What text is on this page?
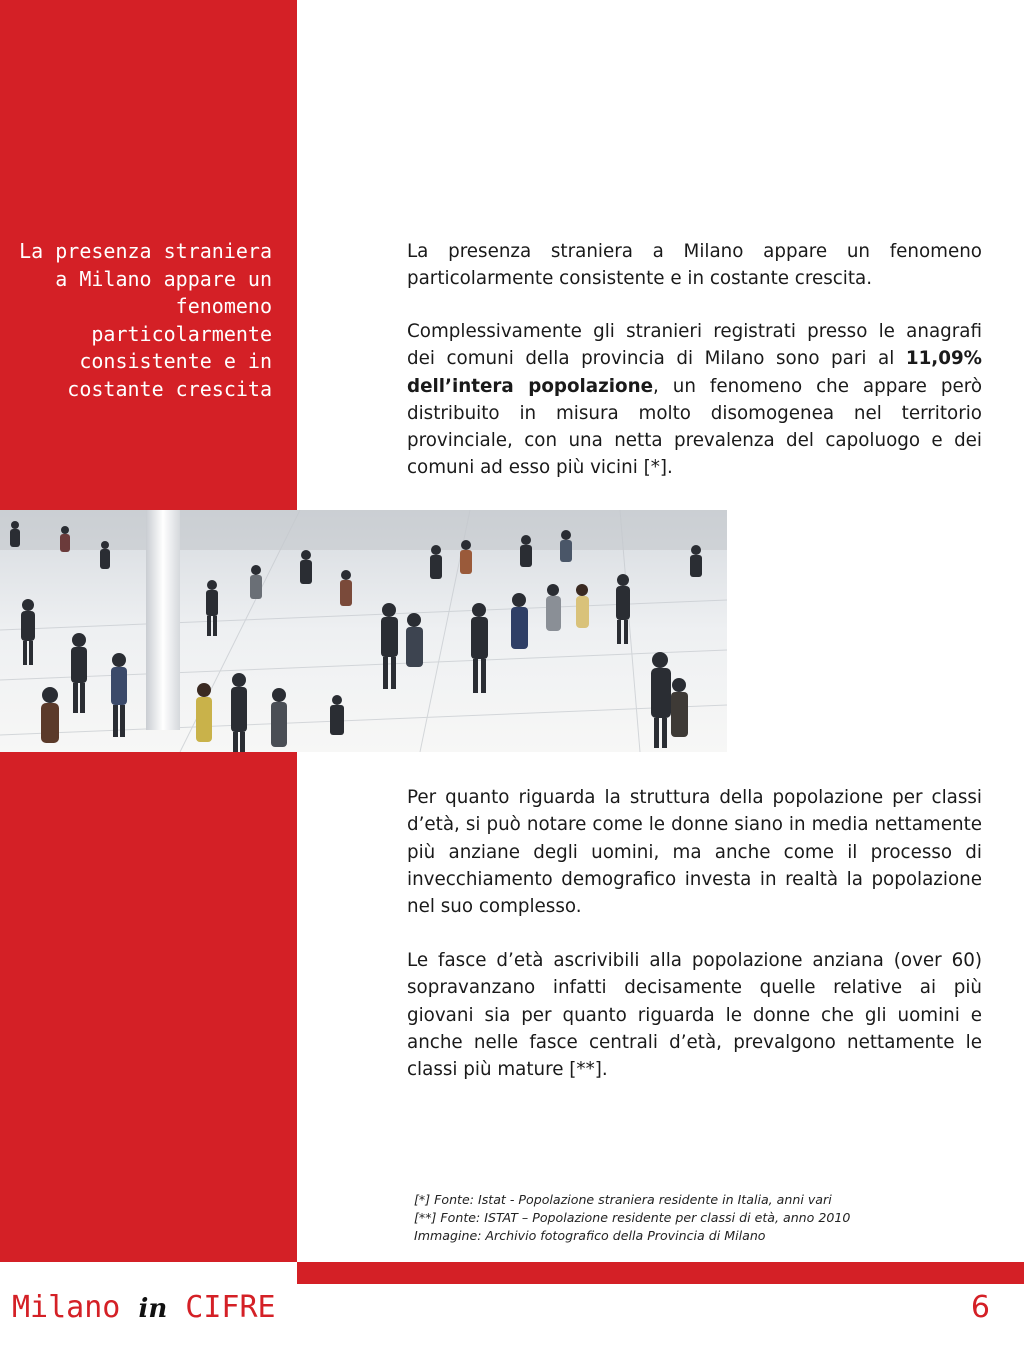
La presenza straniera a Milano appare un fenomeno particolarmente consistente e in costante crescita

La presenza straniera a Milano appare un fenomeno particolarmente consistente e in costante crescita.

Complessivamente gli stranieri registrati presso le anagrafi dei comuni della provincia di Milano sono pari al 11,09% dell’intera popolazione, un fenomeno che appare però distribuito in misura molto disomogenea nel territorio provinciale, con una netta prevalenza del capoluogo e dei comuni ad esso più vicini [*].

Per quanto riguarda la struttura della popolazione per classi d’età, si può notare come le donne siano in media nettamente più anziane degli uomini, ma anche come il processo di invecchiamento demografico investa in realtà la popolazione nel suo complesso.

Le fasce d’età ascrivibili alla popolazione anziana (over 60) sopravanzano infatti decisamente quelle relative ai più giovani sia per quanto riguarda le donne che gli uomini e anche nelle fasce centrali d’età, prevalgono nettamente le classi più mature [**].

[*] Fonte: Istat - Popolazione straniera residente in Italia, anni vari
[**] Fonte: ISTAT – Popolazione residente per classi di età, anno 2010
Immagine: Archivio fotografico della Provincia di Milano
Milano in CIFRE	6
